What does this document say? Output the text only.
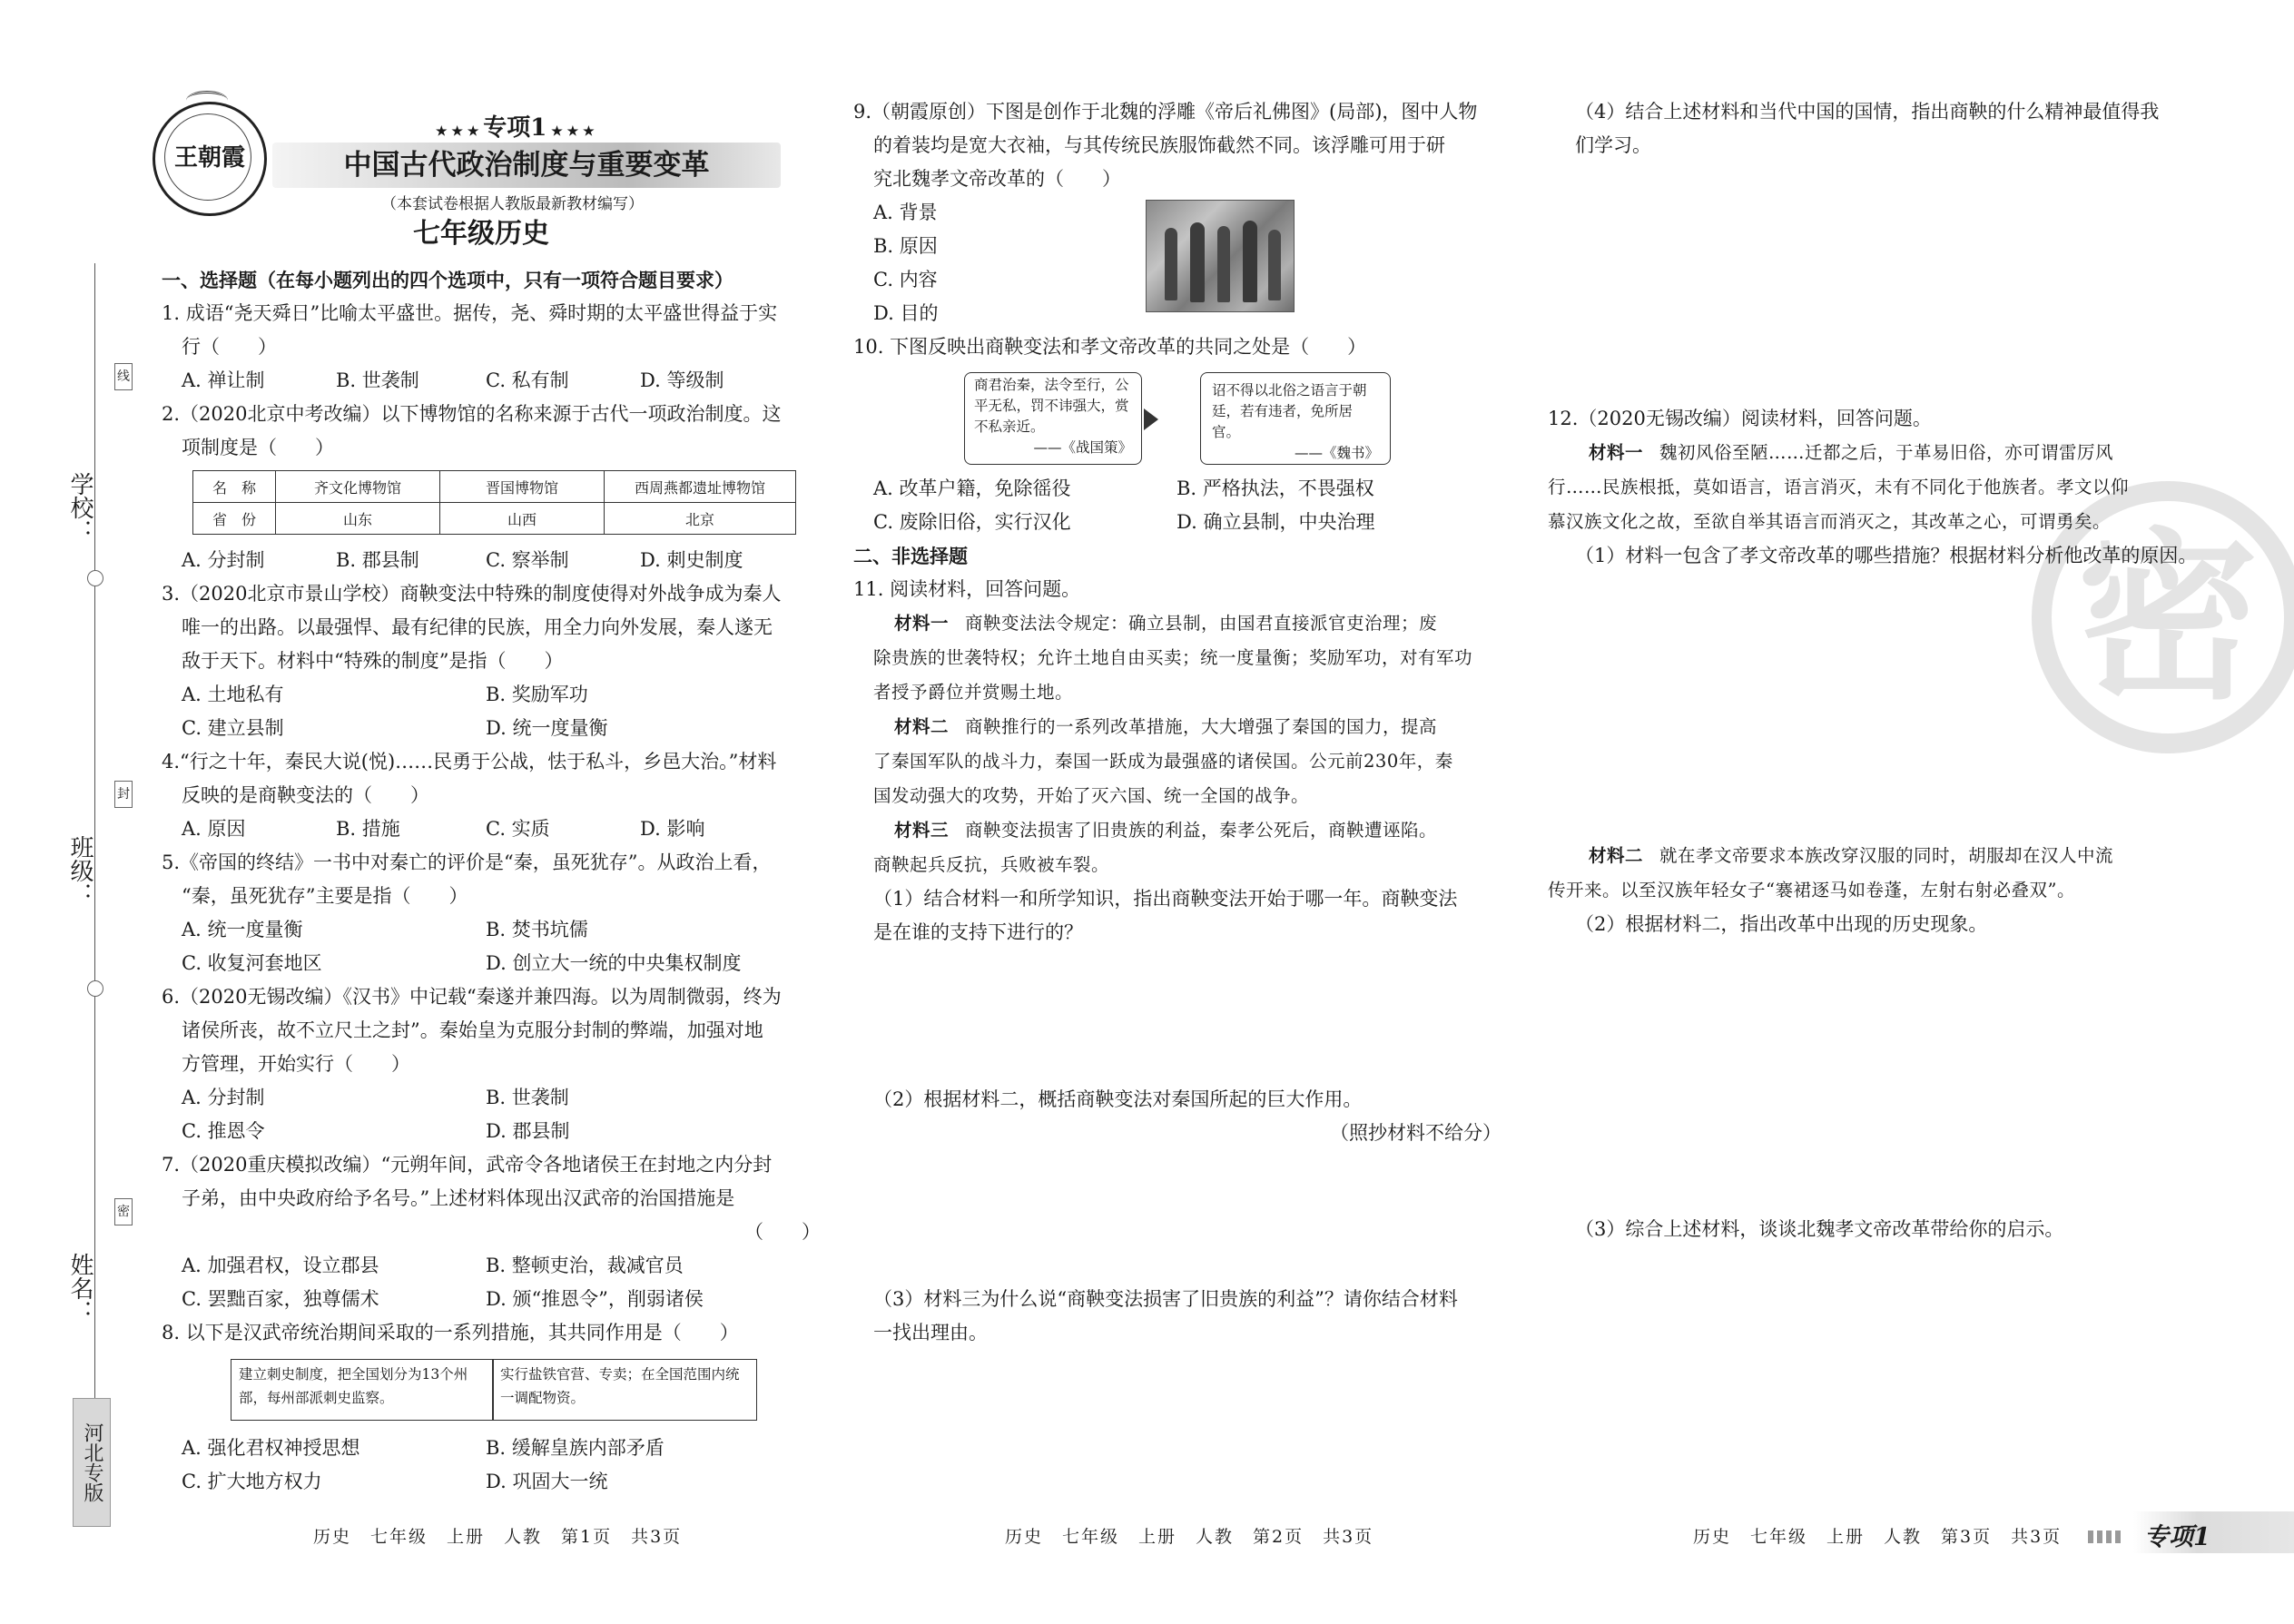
学校：
班级：
姓名：
线
封
密
河北专版
王朝霞
★ ★ ★ 专项1 ★ ★ ★
中国古代政治制度与重要变革
（本套试卷根据人教版最新教材编写）
七年级历史
一、选择题（在每小题列出的四个选项中，只有一项符合题目要求）
1. 成语“尧天舜日”比喻太平盛世。据传，尧、舜时期的太平盛世得益于实
行（　　）
A. 禅让制	B. 世袭制	C. 私有制	D. 等级制
2.（2020北京中考改编）以下博物馆的名称来源于古代一项政治制度。这
项制度是（　　）
名　称	齐文化博物馆	晋国博物馆	西周燕都遗址博物馆
省　份	山东	山西	北京
A. 分封制	B. 郡县制	C. 察举制	D. 刺史制度
3.（2020北京市景山学校）商鞅变法中特殊的制度使得对外战争成为秦人
唯一的出路。以最强悍、最有纪律的民族，用全力向外发展，秦人遂无
敌于天下。材料中“特殊的制度”是指（　　）
A. 土地私有	B. 奖励军功
C. 建立县制	D. 统一度量衡
4.“行之十年，秦民大说(悦)……民勇于公战，怯于私斗，乡邑大治。”材料
反映的是商鞅变法的（　　）
A. 原因	B. 措施	C. 实质	D. 影响
5.《帝国的终结》一书中对秦亡的评价是“秦，虽死犹存”。从政治上看，
“秦，虽死犹存”主要是指（　　）
A. 统一度量衡	B. 焚书坑儒
C. 收复河套地区	D. 创立大一统的中央集权制度
6.（2020无锡改编）《汉书》中记载“秦遂并兼四海。以为周制微弱，终为
诸侯所丧，故不立尺土之封”。秦始皇为克服分封制的弊端，加强对地
方管理，开始实行（　　）
A. 分封制	B. 世袭制
C. 推恩令	D. 郡县制
7.（2020重庆模拟改编）“元朔年间，武帝令各地诸侯王在封地之内分封
子弟，由中央政府给予名号。”上述材料体现出汉武帝的治国措施是
（　　）
A. 加强君权，设立郡县	B. 整顿吏治，裁减官员
C. 罢黜百家，独尊儒术	D. 颁“推恩令”，削弱诸侯
8. 以下是汉武帝统治期间采取的一系列措施，其共同作用是（　　）
建立刺史制度，把全国划分为13个州部，每州部派刺史监察。
实行盐铁官营、专卖；在全国范围内统一调配物资。
A. 强化君权神授思想	B. 缓解皇族内部矛盾
C. 扩大地方权力	D. 巩固大一统
9.（朝霞原创）下图是创作于北魏的浮雕《帝后礼佛图》(局部)，图中人物
的着装均是宽大衣袖，与其传统民族服饰截然不同。该浮雕可用于研
究北魏孝文帝改革的（　　）
A. 背景
B. 原因
C. 内容
D. 目的
10. 下图反映出商鞅变法和孝文帝改革的共同之处是（　　）
商君治秦，法令至行，公平无私，罚不讳强大，赏不私亲近。
——《战国策》
诏不得以北俗之语言于朝廷，若有违者，免所居官。
——《魏书》
A. 改革户籍，免除徭役	B. 严格执法，不畏强权
C. 废除旧俗，实行汉化	D. 确立县制，中央治理
二、非选择题
11. 阅读材料，回答问题。
材料一 商鞅变法法令规定：确立县制，由国君直接派官吏治理；废
除贵族的世袭特权；允许土地自由买卖；统一度量衡；奖励军功，对有军功
者授予爵位并赏赐土地。
材料二 商鞅推行的一系列改革措施，大大增强了秦国的国力，提高
了秦国军队的战斗力，秦国一跃成为最强盛的诸侯国。公元前230年，秦
国发动强大的攻势，开始了灭六国、统一全国的战争。
材料三 商鞅变法损害了旧贵族的利益，秦孝公死后，商鞅遭诬陷。
商鞅起兵反抗，兵败被车裂。
（1）结合材料一和所学知识，指出商鞅变法开始于哪一年。商鞅变法
是在谁的支持下进行的？
（2）根据材料二，概括商鞅变法对秦国所起的巨大作用。
（照抄材料不给分）
（3）材料三为什么说“商鞅变法损害了旧贵族的利益”？请你结合材料
一找出理由。
（4）结合上述材料和当代中国的国情，指出商鞅的什么精神最值得我
们学习。
密
12.（2020无锡改编）阅读材料，回答问题。
材料一 魏初风俗至陋……迁都之后，于革易旧俗，亦可谓雷厉风
行……民族根抵，莫如语言，语言消灭，未有不同化于他族者。孝文以仰
慕汉族文化之故，至欲自举其语言而消灭之，其改革之心，可谓勇矣。
（1）材料一包含了孝文帝改革的哪些措施？根据材料分析他改革的原因。
材料二 就在孝文帝要求本族改穿汉服的同时，胡服却在汉人中流
传开来。以至汉族年轻女子“褰裙逐马如卷蓬，左射右射必叠双”。
（2）根据材料二，指出改革中出现的历史现象。
（3）综合上述材料，谈谈北魏孝文帝改革带给你的启示。
历史　七年级　上册　人教　第1页　共3页	历史　七年级　上册　人教　第2页　共3页	历史　七年级　上册　人教　第3页　共3页	专项1
